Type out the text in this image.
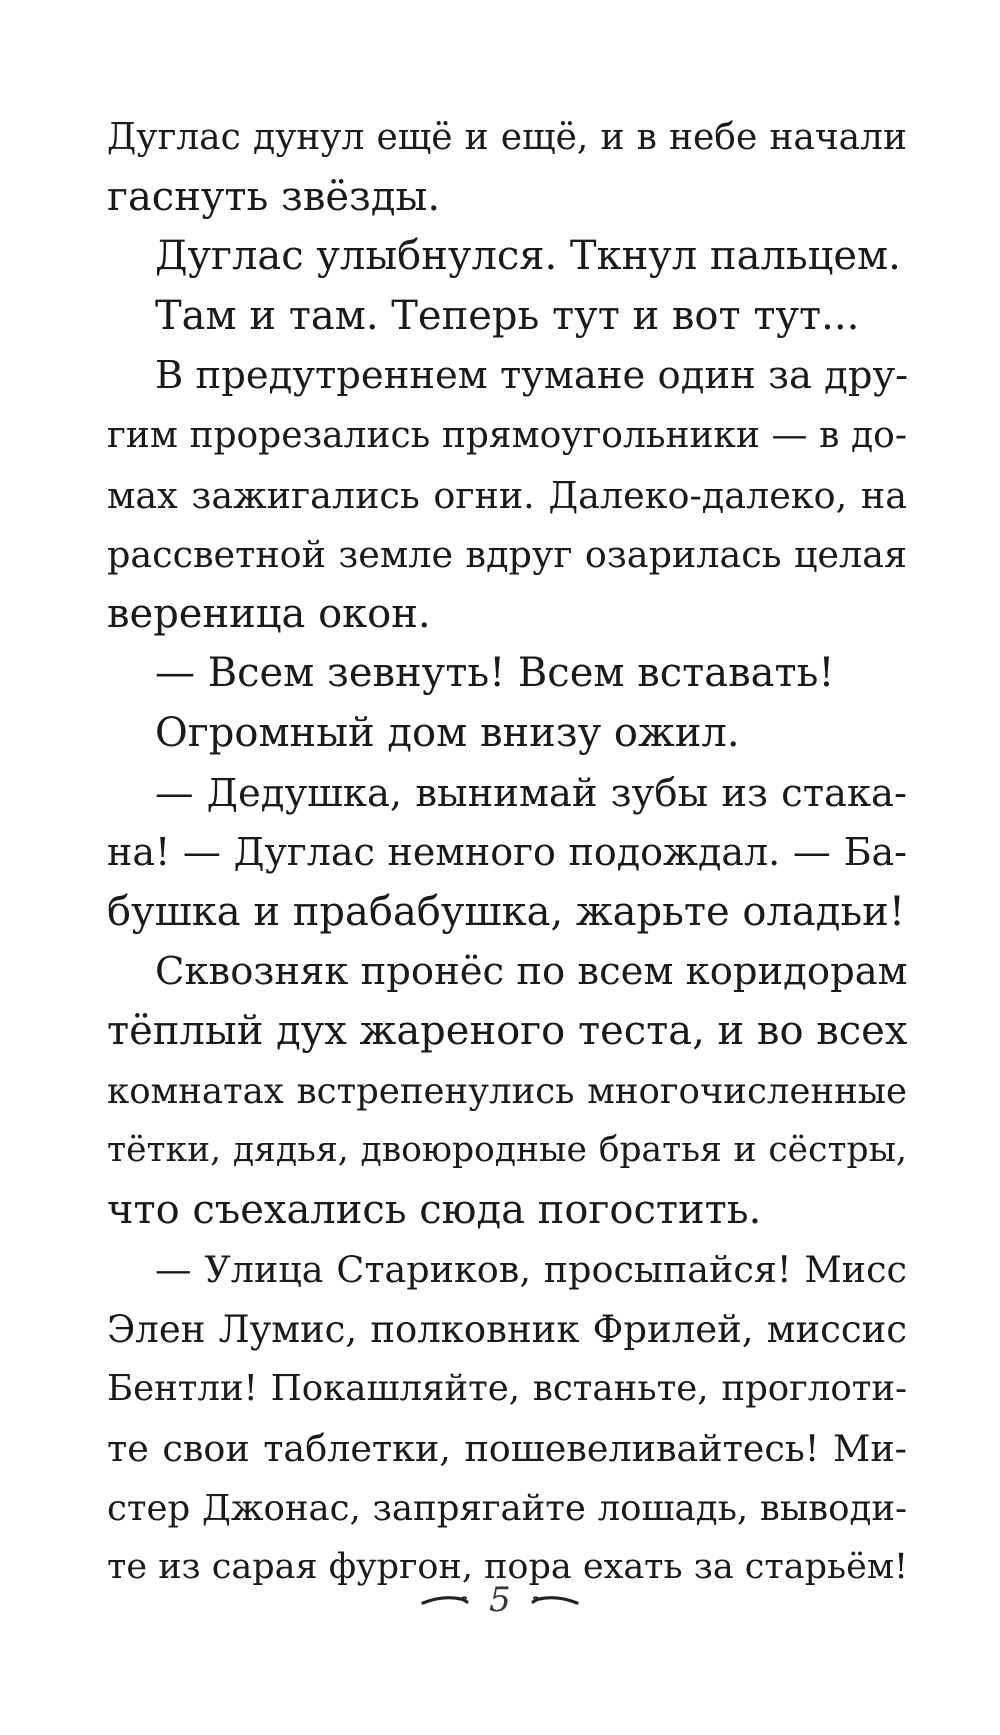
Дуглас дунул ещё и ещё, и в небе начали
гаснуть звёзды.
Дуглас улыбнулся. Ткнул пальцем.
Там и там. Теперь тут и вот тут...
В предутреннем тумане один за дру-
гим прорезались прямоугольники — в до-
мах зажигались огни. Далеко-далеко, на
рассветной земле вдруг озарилась целая
вереница окон.
— Всем зевнуть! Всем вставать!
Огромный дом внизу ожил.
— Дедушка, вынимай зубы из стака-
на! — Дуглас немного подождал. — Ба-
бушка и прабабушка, жарьте оладьи!
Сквозняк пронёс по всем коридорам
тёплый дух жареного теста, и во всех
комнатах встрепенулись многочисленные
тётки, дядья, двоюродные братья и сёстры,
что съехались сюда погостить.
— Улица Стариков, просыпайся! Мисс
Элен Лумис, полковник Фрилей, миссис
Бентли! Покашляйте, встаньте, проглоти-
те свои таблетки, пошевеливайтесь! Ми-
стер Джонас, запрягайте лошадь, выводи-
те из сарая фургон, пора ехать за старьём!
5
